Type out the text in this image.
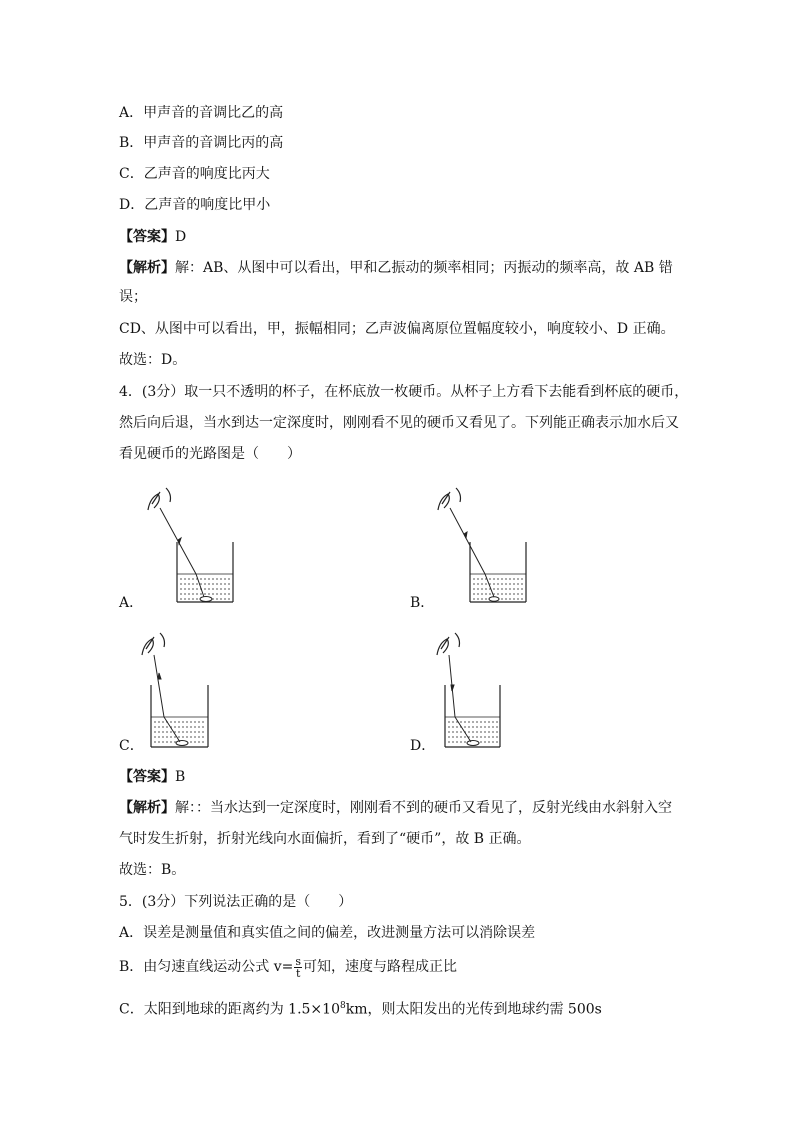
A．甲声音的音调比乙的高
B．甲声音的音调比丙的高
C．乙声音的响度比丙大
D．乙声音的响度比甲小
【答案】D
【解析】解：AB、从图中可以看出，甲和乙振动的频率相同；丙振动的频率高，故 AB 错
误；
CD、从图中可以看出，甲，振幅相同；乙声波偏离原位置幅度较小，响度较小、D 正确。
故选：D。
4．(3分）取一只不透明的杯子，在杯底放一枚硬币。从杯子上方看下去能看到杯底的硬币，
然后向后退，当水到达一定深度时，刚刚看不见的硬币又看见了。下列能正确表示加水后又
看见硬币的光路图是（　　）
A．	B．
C．	D．
【答案】B
【解析】解：：当水达到一定深度时，刚刚看不到的硬币又看见了，反射光线由水斜射入空
气时发生折射，折射光线向水面偏折，看到了“硬币”，故 B 正确。
故选：B。
5．(3分）下列说法正确的是（　　）
A．误差是测量值和真实值之间的偏差，改进测量方法可以消除误差
B．由匀速直线运动公式 $v= \frac{s}{t}$ 可知，速度与路程成正比
C．太阳到地球的距离约为 $1.5\times 10^8km$，则太阳发出的光传到地球约需 500s
